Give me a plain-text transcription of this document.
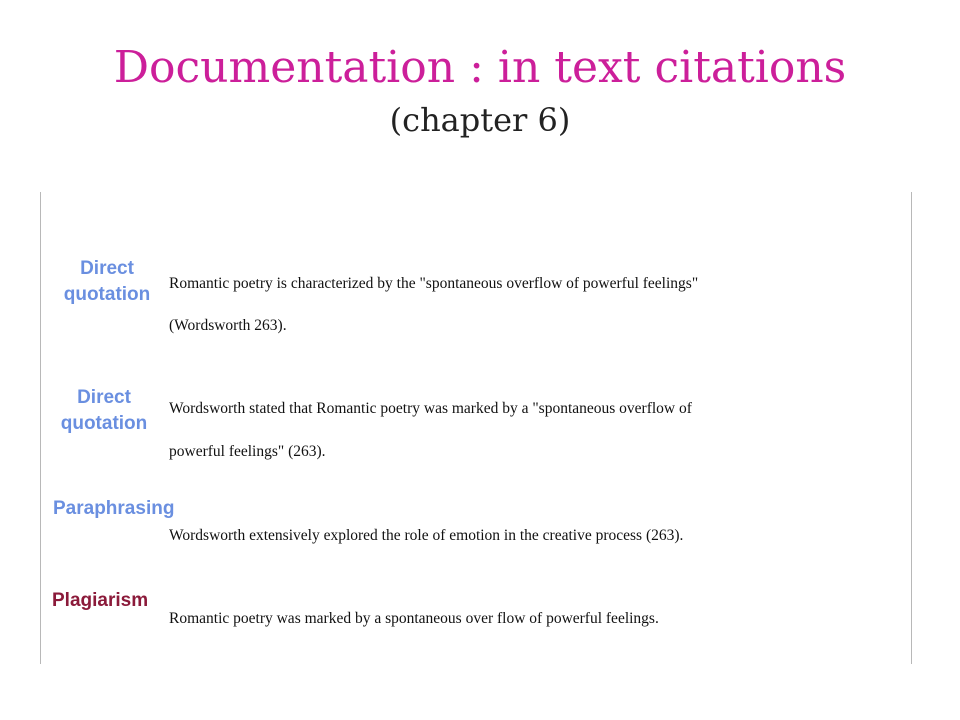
Documentation : in text citations
(chapter 6)
Direct
quotation
Romantic poetry is characterized by the "spontaneous overflow of powerful feelings"
(Wordsworth 263).
Direct
quotation
Wordsworth stated that Romantic poetry was marked by a "spontaneous overflow of
powerful feelings" (263).
Paraphrasing
Wordsworth extensively explored the role of emotion in the creative process (263).
Plagiarism
Romantic poetry was marked by a spontaneous over flow of powerful feelings.
